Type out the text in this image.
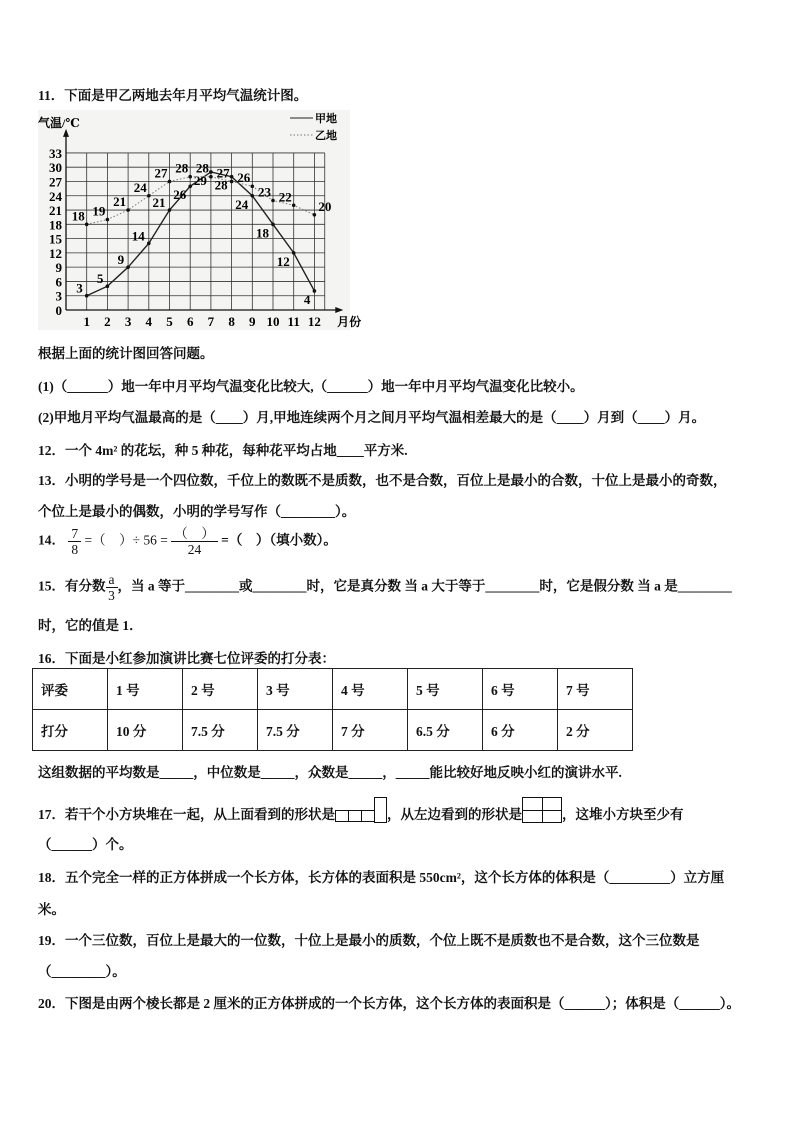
11．下面是甲乙两地去年月平均气温统计图。
0
3
6
9
12
15
18
21
24
27
30
33
1 2 3 4 5 6 7 8 9 10 11 12 月份
气温/℃
3
5
9
14
21
26
29 28
24
18
12
4
甲地
18 19
21
24
27 28 28 27 26
23 22
20
乙地
根据上面的统计图回答问题。
(1)（______）地一年中月平均气温变化比较大,（______）地一年中月平均气温变化比较小。
(2)甲地月平均气温最高的是（____）月,甲地连续两个月之间月平均气温相差最大的是（____）月到（____）月。
12．一个 4m² 的花坛，种 5 种花，每种花平均占地____平方米.
13．小明的学号是一个四位数，千位上的数既不是质数，也不是合数，百位上是最小的合数，十位上是最小的奇数，
个位上是最小的偶数，小明的学号写作（________）。
14． $\frac{7}{8}$ =（　）÷ 56 = （　）
24
=（　）（填小数）。
15．有分数 $\frac{a}{3}$ ，当 a 等于________或________时，它是真分数 当 a 大于等于________时，它是假分数 当 a 是________
时，它的值是 1．
16．下面是小红参加演讲比赛七位评委的打分表：
评委	1 号	2 号	3 号	4 号	5 号	6 号	7 号
打分	10 分	7.5 分	7.5 分	7 分	6.5 分	6 分	2 分
这组数据的平均数是_____，中位数是_____，众数是_____，_____能比较好地反映小红的演讲水平.
17．若干个小方块堆在一起，从上面看到的形状是	，从左边看到的形状是	，这堆小方块至少有
（______）个。
18．五个完全一样的正方体拼成一个长方体，长方体的表面积是 550cm²，这个长方体的体积是（_________）立方厘
米。
19．一个三位数，百位上是最大的一位数，十位上是最小的质数，个位上既不是质数也不是合数，这个三位数是
（________）。
20．下图是由两个棱长都是 2 厘米的正方体拼成的一个长方体，这个长方体的表面积是（______）；体积是（______）。
